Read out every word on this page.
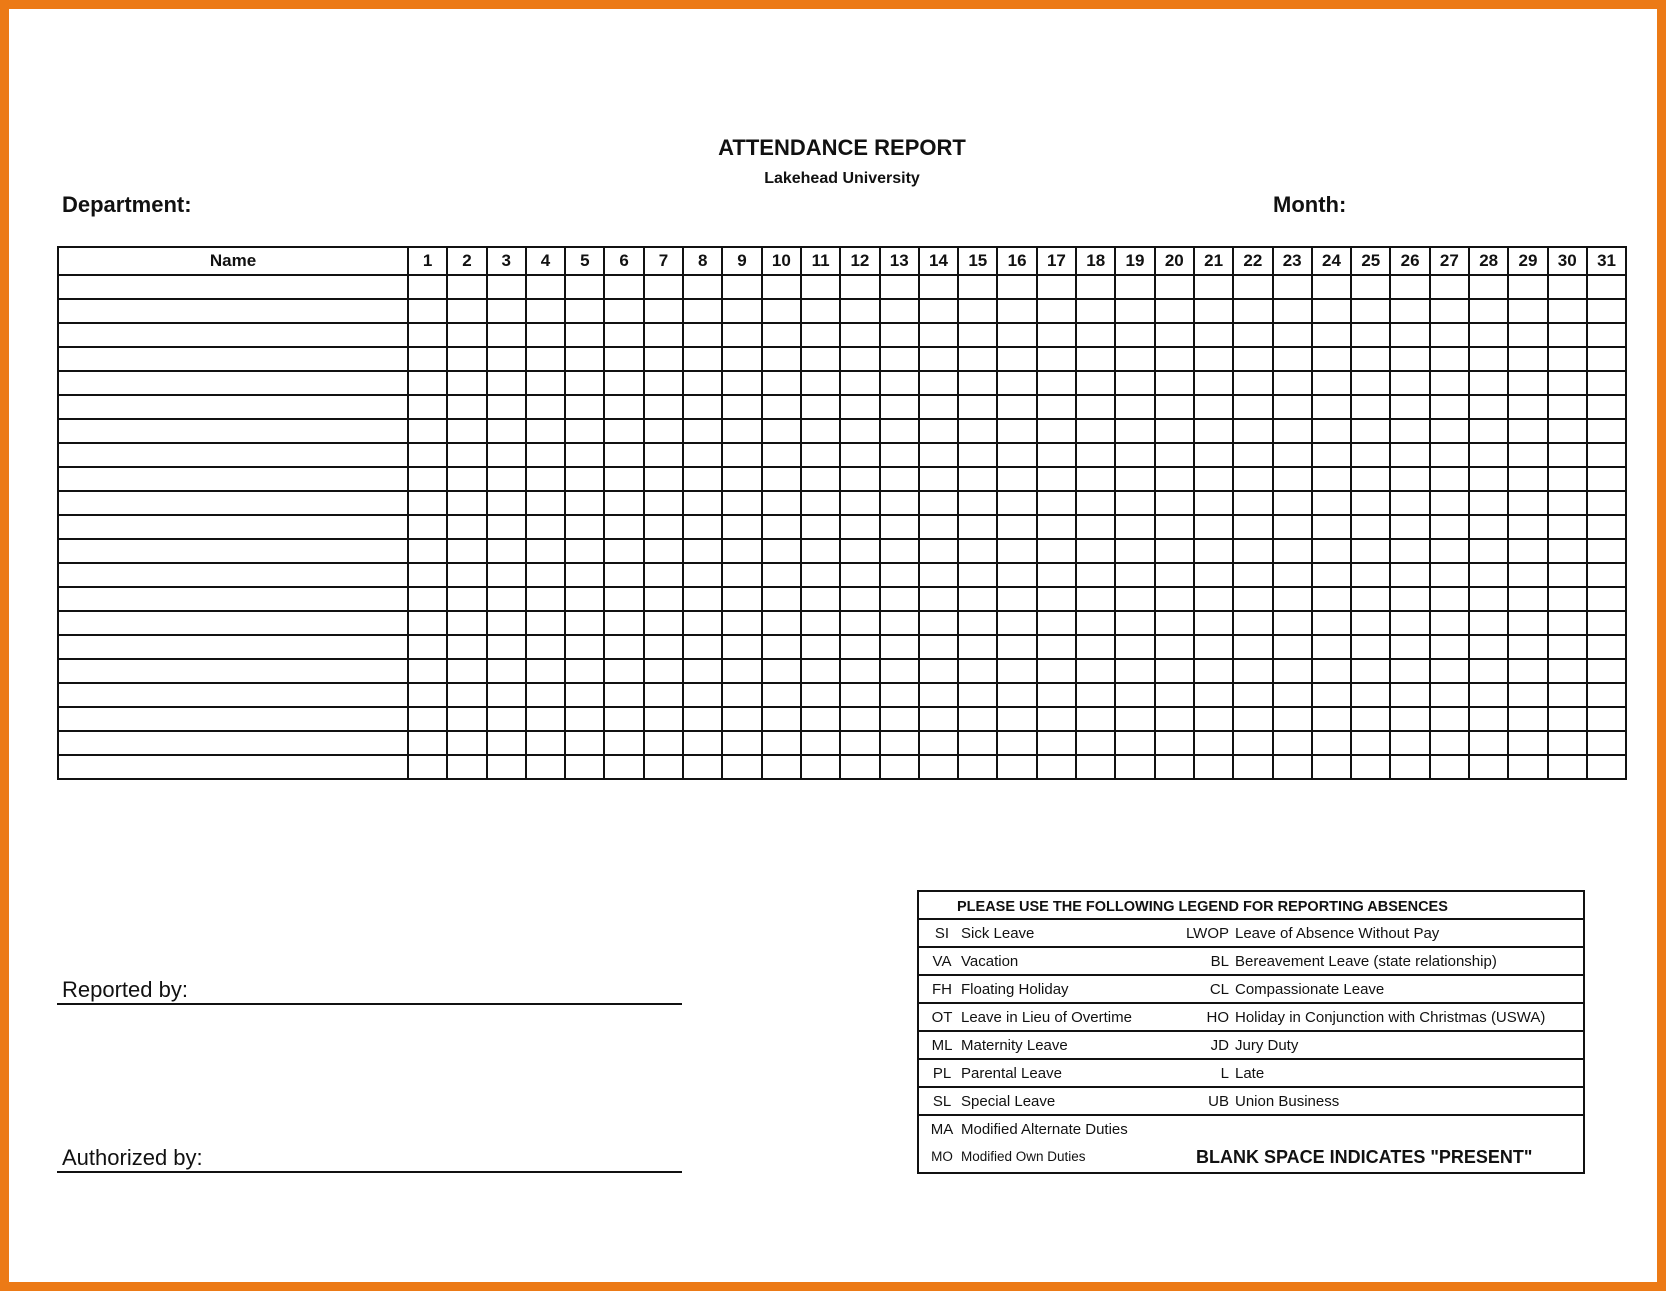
ATTENDANCE REPORT
Lakehead University
Department:	Month:
Name	1	2	3	4	5	6	7	8	9	10	11	12	13	14	15	16	17	18	19	20	21	22	23	24	25	26	27	28	29	30	31

Reported by:
Authorized by:
PLEASE USE THE FOLLOWING LEGEND FOR REPORTING ABSENCES
SI Sick Leave	LWOP Leave of Absence Without Pay
VA Vacation	BL Bereavement Leave (state relationship)
FH Floating Holiday	CL Compassionate Leave
OT Leave in Lieu of Overtime	HO Holiday in Conjunction with Christmas (USWA)
ML Maternity Leave	JD Jury Duty
PL Parental Leave	L Late
SL Special Leave	UB Union Business
MA Modified Alternate Duties
MO Modified Own Duties	BLANK SPACE INDICATES "PRESENT"
